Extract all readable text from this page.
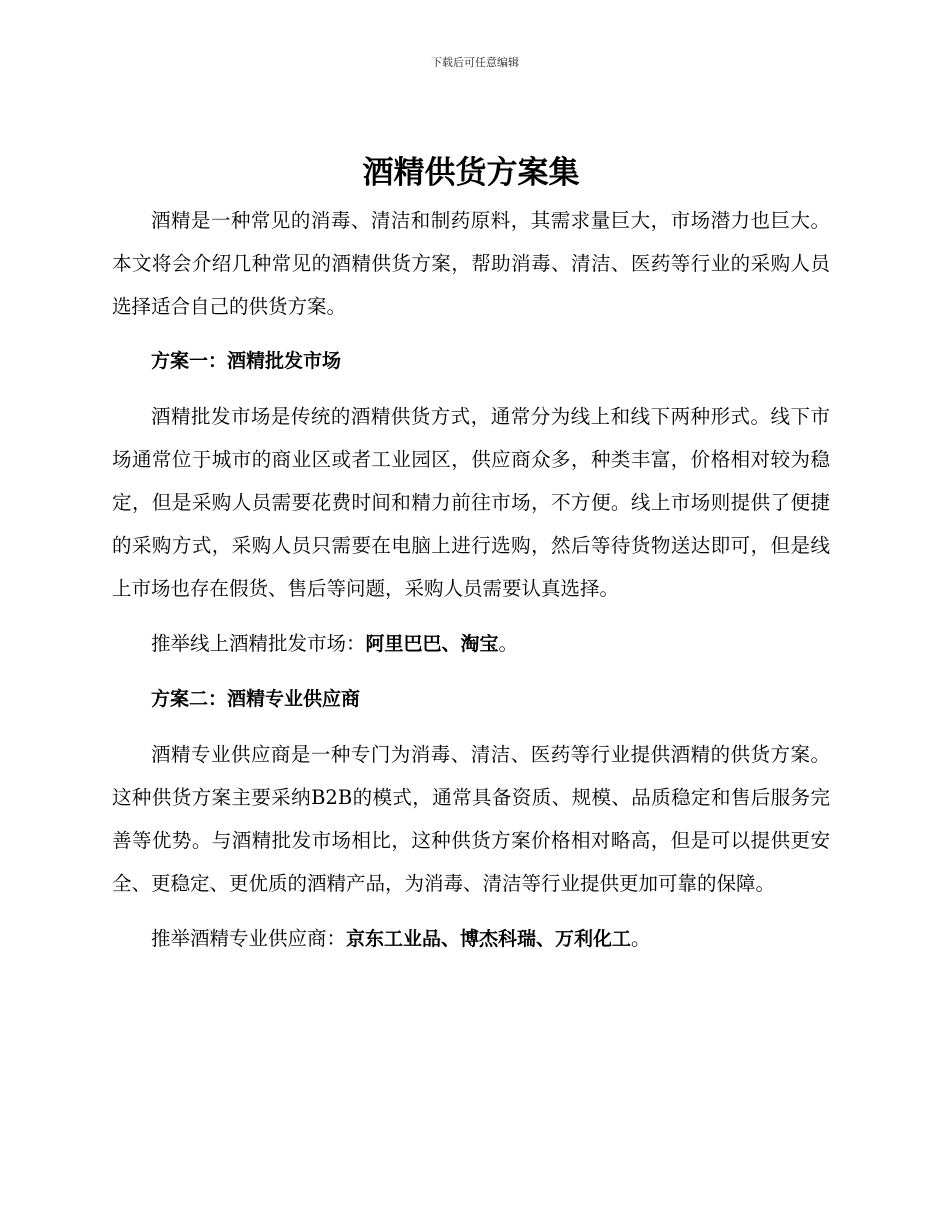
下载后可任意编辑
酒精供货方案集

酒精是一种常见的消毒、清洁和制药原料，其需求量巨大，市场潜力也巨大。本文将会介绍几种常见的酒精供货方案，帮助消毒、清洁、医药等行业的采购人员选择适合自己的供货方案。

方案一：酒精批发市场

酒精批发市场是传统的酒精供货方式，通常分为线上和线下两种形式。线下市场通常位于城市的商业区或者工业园区，供应商众多，种类丰富，价格相对较为稳定，但是采购人员需要花费时间和精力前往市场，不方便。线上市场则提供了便捷的采购方式，采购人员只需要在电脑上进行选购，然后等待货物送达即可，但是线上市场也存在假货、售后等问题，采购人员需要认真选择。

推举线上酒精批发市场：阿里巴巴、淘宝。

方案二：酒精专业供应商

酒精专业供应商是一种专门为消毒、清洁、医药等行业提供酒精的供货方案。这种供货方案主要采纳B2B的模式，通常具备资质、规模、品质稳定和售后服务完善等优势。与酒精批发市场相比，这种供货方案价格相对略高，但是可以提供更安全、更稳定、更优质的酒精产品，为消毒、清洁等行业提供更加可靠的保障。

推举酒精专业供应商：京东工业品、博杰科瑞、万利化工。
